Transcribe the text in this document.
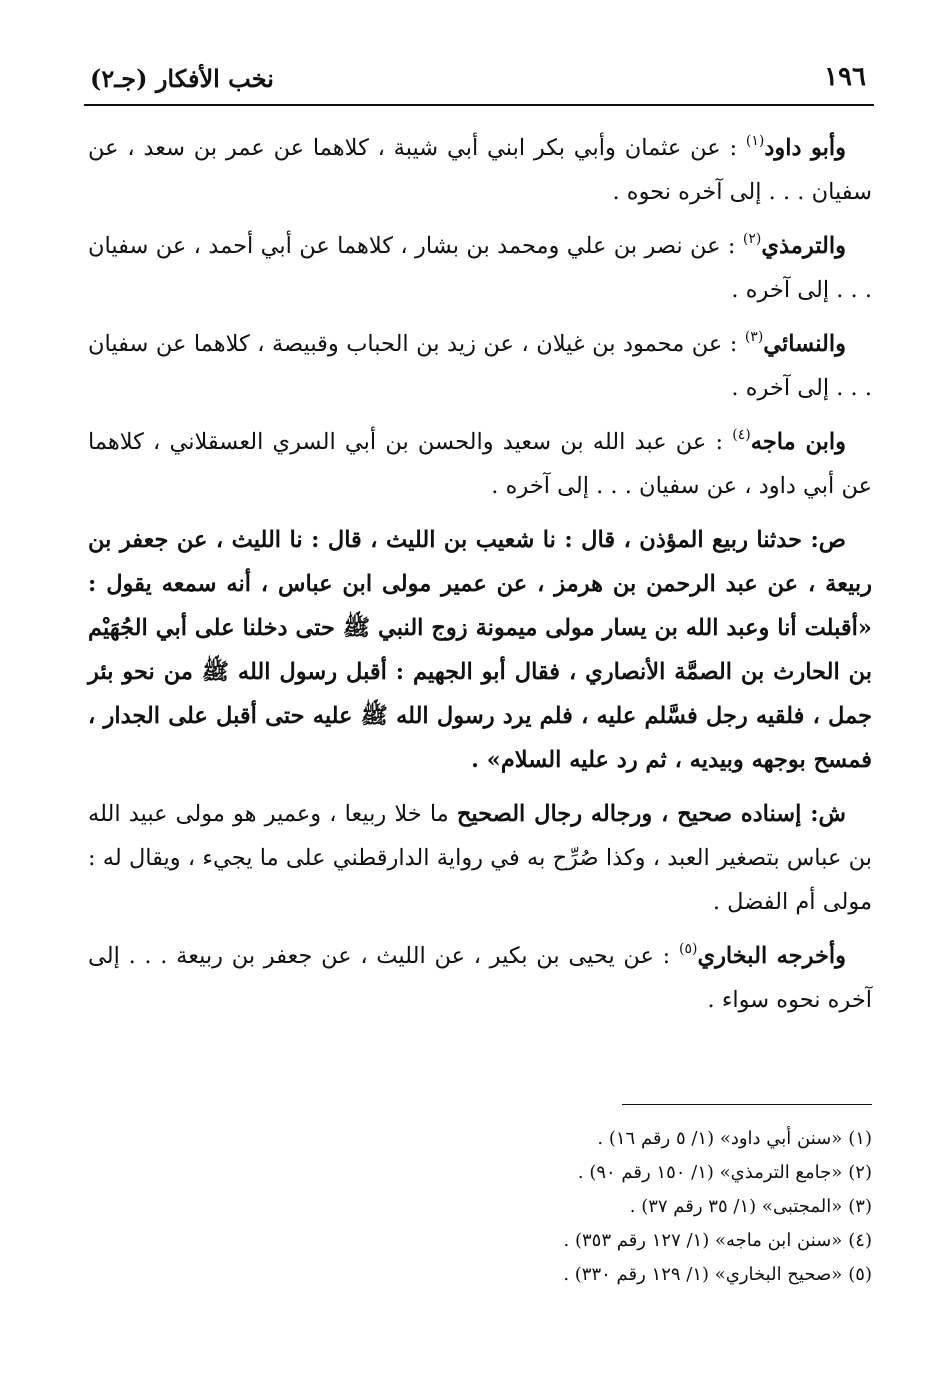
١٩٦
نخب الأفكار (جـ٢)

وأبو داود$^{(١)}$ : عن عثمان وأبي بكر ابني أبي شيبة ، كلاهما عن عمر بن سعد ، عن سفيان . . . إلى آخره نحوه .

والترمذي$^{(٢)}$ : عن نصر بن علي ومحمد بن بشار ، كلاهما عن أبي أحمد ، عن سفيان . . . إلى آخره .

والنسائي$^{(٣)}$ : عن محمود بن غيلان ، عن زيد بن الحباب وقبيصة ، كلاهما عن سفيان . . . إلى آخره .

وابن ماجه$^{(٤)}$ : عن عبد الله بن سعيد والحسن بن أبي السري العسقلاني ، كلاهما عن أبي داود ، عن سفيان . . . إلى آخره .

ص: حدثنا ربيع المؤذن ، قال : نا شعيب بن الليث ، قال : نا الليث ، عن جعفر بن ربيعة ، عن عبد الرحمن بن هرمز ، عن عمير مولى ابن عباس ، أنه سمعه يقول : «أقبلت أنا وعبد الله بن يسار مولى ميمونة زوج النبي ﷺ حتى دخلنا على أبي الجُهَيْم بن الحارث بن الصمَّة الأنصاري ، فقال أبو الجهيم : أقبل رسول الله ﷺ من نحو بئر جمل ، فلقيه رجل فسَّلم عليه ، فلم يرد رسول الله ﷺ عليه حتى أقبل على الجدار ، فمسح بوجهه وبيديه ، ثم رد عليه السلام» .

ش: إسناده صحيح ، ورجاله رجال الصحيح ما خلا ربيعا ، وعمير هو مولى عبيد الله بن عباس بتصغير العبد ، وكذا صُرِّح به في رواية الدارقطني على ما يجيء ، ويقال له : مولى أم الفضل .

وأخرجه البخاري$^{(٥)}$ : عن يحيى بن بكير ، عن الليث ، عن جعفر بن ربيعة . . . إلى آخره نحوه سواء .

(١)«سنن أبي داود» (١/ ٥ رقم ١٦) .

(٢)«جامع الترمذي» (١/ ١٥٠ رقم ٩٠) .

(٣)«المجتبى» (١/ ٣٥ رقم ٣٧) .

(٤)«سنن ابن ماجه» (١/ ١٢٧ رقم ٣٥٣) .

(٥)«صحيح البخاري» (١/ ١٢٩ رقم ٣٣٠) .
